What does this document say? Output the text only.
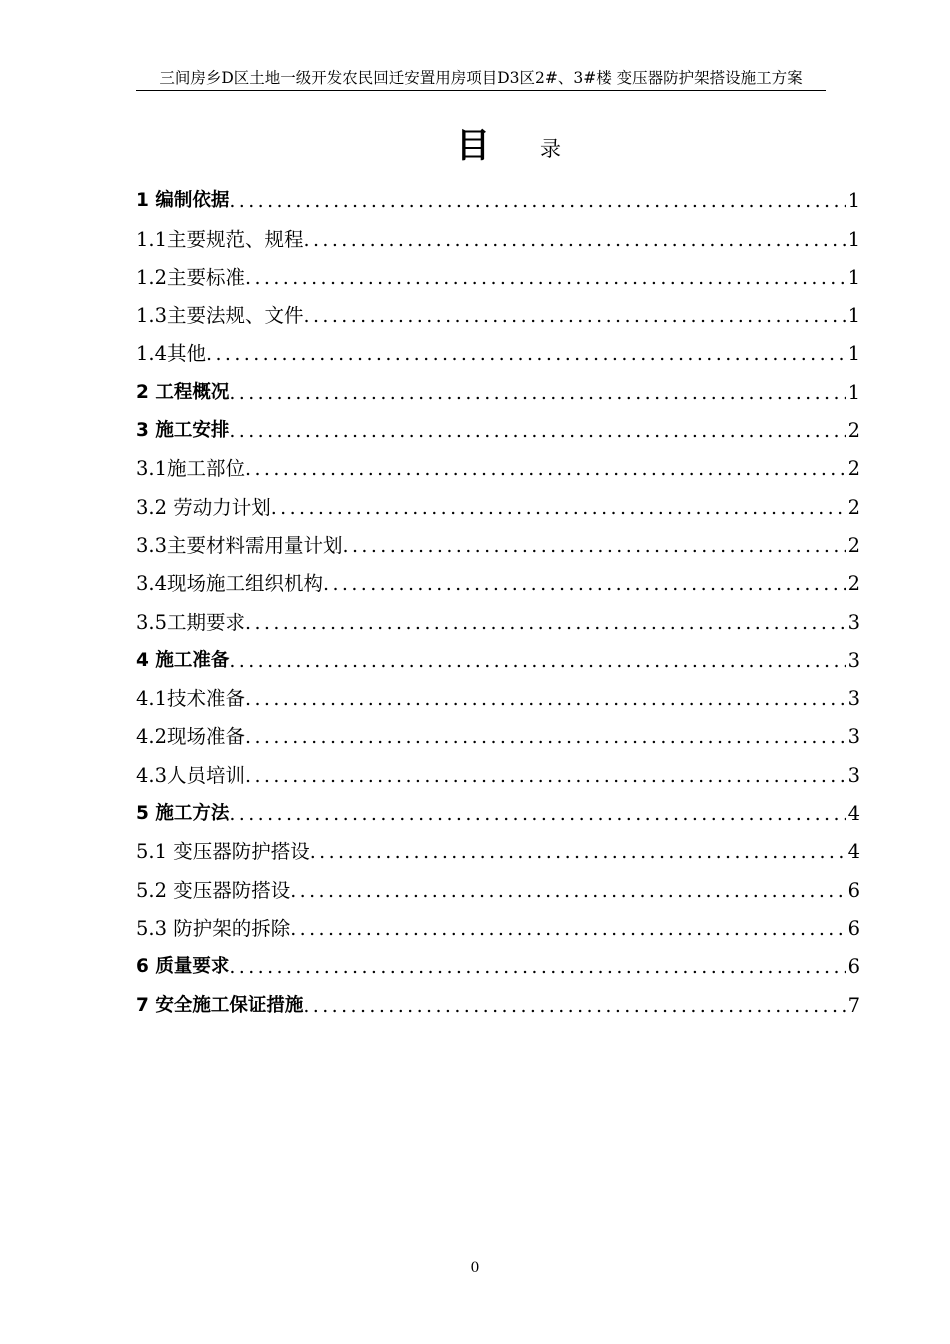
三间房乡D区土地一级开发农民回迁安置用房项目D3区2#、3#楼 变压器防护架搭设施工方案
目 录
1 编制依据 .....	1
1.1主要规范、规程 .....	1
1.2主要标准 .....	1
1.3主要法规、文件 .....	1
1.4其他 .....	1
2 工程概况 .....	1
3 施工安排 .....	2
3.1施工部位 .....	2
3.2 劳动力计划 .....	2
3.3主要材料需用量计划 .....	2
3.4现场施工组织机构 .....	2
3.5工期要求 .....	3
4 施工准备 .....	3
4.1技术准备 .....	3
4.2现场准备 .....	3
4.3人员培训 .....	3
5 施工方法 .....	4
5.1 变压器防护搭设 .....	4
5.2 变压器防搭设 .....	6
5.3 防护架的拆除 .....	6
6 质量要求 .....	6
7 安全施工保证措施 .....	7
0
